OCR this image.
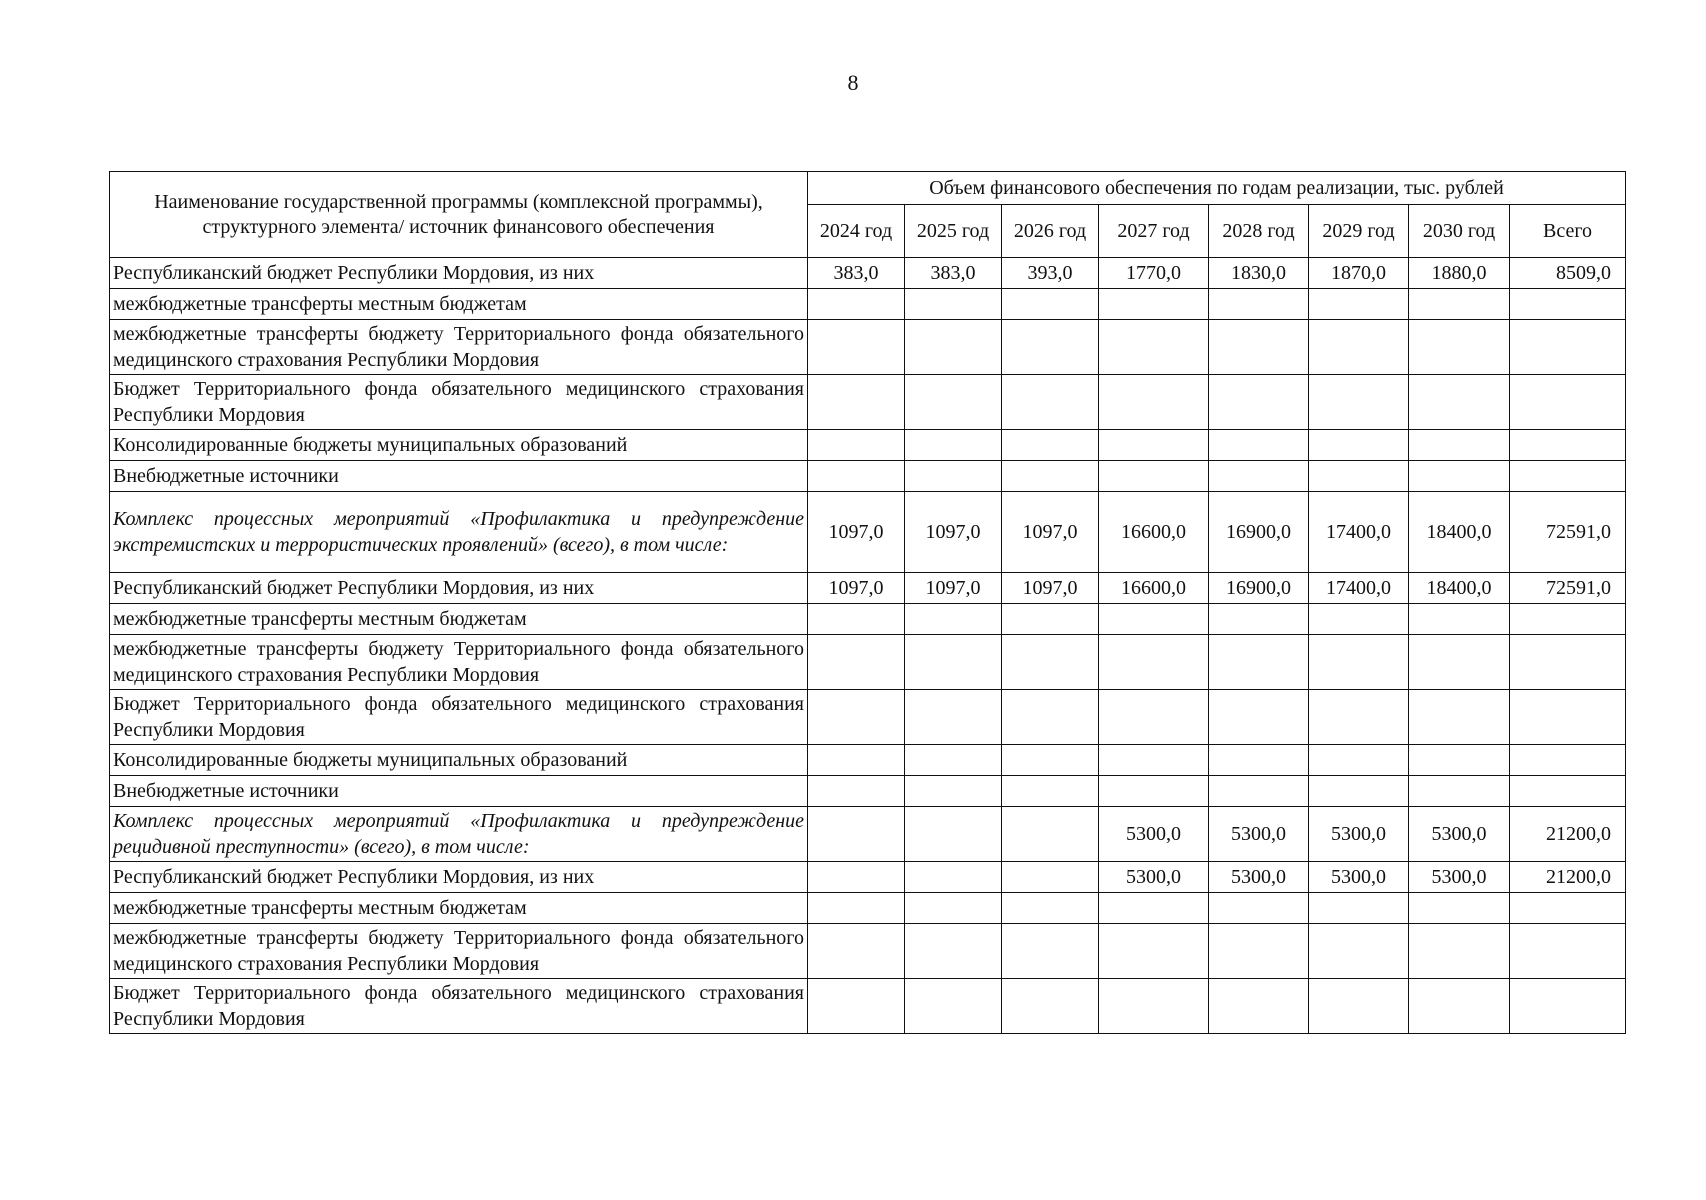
8
Наименование государственной программы (комплексной программы), структурного элемента/ источник финансового обеспечения	Объем финансового обеспечения по годам реализации, тыс. рублей							
	2024 год	2025 год	2026 год	2027 год	2028 год	2029 год	2030 год	Всего
Республиканский бюджет Республики Мордовия, из них	383,0	383,0	393,0	1770,0	1830,0	1870,0	1880,0	8509,0
межбюджетные трансферты местным бюджетам								
межбюджетные трансферты бюджету Территориального фонда обязательного медицинского страхования Республики Мордовия								
Бюджет Территориального фонда обязательного медицинского страхования Республики Мордовия								
Консолидированные бюджеты муниципальных образований								
Внебюджетные источники								
Комплекс процессных мероприятий «Профилактика и предупреждение экстремистских и террористических проявлений» (всего), в том числе:	1097,0	1097,0	1097,0	16600,0	16900,0	17400,0	18400,0	72591,0
Республиканский бюджет Республики Мордовия, из них	1097,0	1097,0	1097,0	16600,0	16900,0	17400,0	18400,0	72591,0
межбюджетные трансферты местным бюджетам								
межбюджетные трансферты бюджету Территориального фонда обязательного медицинского страхования Республики Мордовия								
Бюджет Территориального фонда обязательного медицинского страхования Республики Мордовия								
Консолидированные бюджеты муниципальных образований								
Внебюджетные источники								
Комплекс процессных мероприятий «Профилактика и предупреждение рецидивной преступности» (всего), в том числе:				5300,0	5300,0	5300,0	5300,0	21200,0
Республиканский бюджет Республики Мордовия, из них				5300,0	5300,0	5300,0	5300,0	21200,0
межбюджетные трансферты местным бюджетам								
межбюджетные трансферты бюджету Территориального фонда обязательного медицинского страхования Республики Мордовия								
Бюджет Территориального фонда обязательного медицинского страхования Республики Мордовия								
